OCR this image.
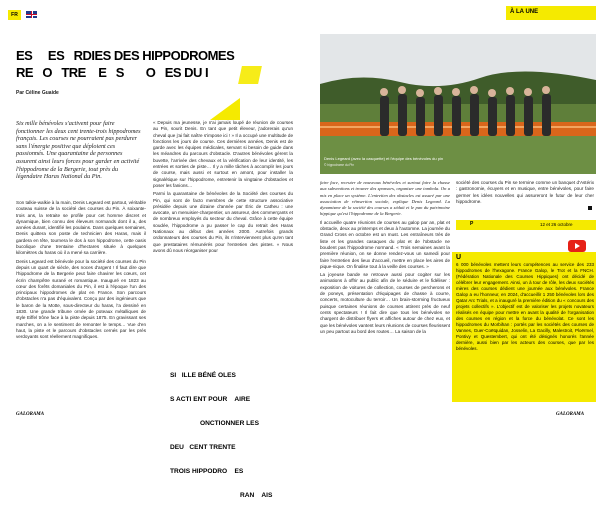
FR	À LA UNE
ES     ES   RDIES DES HIPPODROMES
RE   O   TRE    E   S       O   ES DU I
Par Céline Guaide
Six mille bénévoles s'activent pour faire fonctionner les deux cent trente-trois hippodromes français. Les courses ne pourraient pas perdurer sans l'énergie positive que déploient ces passionnés. Une quarantaine de personnes assurent ainsi leurs forces pour garder en activité l'hippodrome de la Bergerie, tout près du légendaire Haras National du Pin.

Son talkie-walkie à la main, Denis Legeard est partout, véritable couteau suisse de la société des courses du Pin. À soixante-trois ans, la retraite se profile pour cet homme discret et dynamique, bien connu des éleveurs normands dont il a, des années durant, identifié les poulains. Dans quelques semaines, Denis quittera son poste de technicien des Haras, mais il gardera en tête, tournera le dos à son hippodrome, cette oasis bucolique d'une trentaine d'hectares située à quelques kilomètres du haras où il a mené sa carrière.

Denis Legeard est bénévole pour la société des courses du Pin depuis un quart de siècle, des noces d'argent ! Il faut dire que l'hippodrome de la Bergerie peut faire chavirer les cœurs, cet écrin champêtre surané et romantique. Inauguré en 1823 au cœur des forêts domaniales du Pin, il est à l'époque l'un des principaux hippodromes de plat en France. Son parcours d'obstacles n'a pas d'équivalent. Conçu par des ingénieurs que le baron de la Motte, sous-directeur du haras, l'a dessiné en 1830. Une grande tribune ornée de poteaux métalliques de style Eiffel trône face à la piste depuis 1875. En gravissant ses marches, on a le sentiment de remonter le temps… Vue d'en haut, la piste et le parcours d'obstacles cernés par les prés verdoyants sont réellement magnifiques.

« Depuis ma jeunesse, je n'ai jamais loupé de réunion de courses au Pin, sourit Denis. En tant que petit éleveur, j'adorerais qu'un cheval que j'ai fait naître s'impose ici ! » Il a occupé une multitude de fonctions les jours de course. Ces dernières années, Denis est de garde avec les équipes médicales, servant si besoin de guide dans les méandres du parcours d'obstacle. D'autres bénévoles gèrent la buvette, l'arrivée des chevaux et la vérification de leur identité, les entrées et sorties de piste… Il y a mille tâches à accomplir les jours de course, mais aussi et surtout en amont, pour installer la signalétique sur l'hippodrome, entretenir la vingtaine d'obstacles et poser les fanions…

Parmi la quarantaine de bénévoles de la Société des courses du Pin, qui sont de facto membres de cette structure associative présidée depuis une dizaine d'année par Éric de Catheu : une avocate, un menuisier-charpentier, un assureur, des commerçants et de nombreux employés du secteur du cheval. Grâce à cette équipe soudée, l'hippodrome a pu passer le cap du retrait des Haras Nationaux au début des années 2000. Autrefois grands ordonnateurs des courses du Pin, ils n'interviennent plus qu'en tant que prestataires rémunérés pour l'entretien des pistes. « Nous avons dû nous réorganiser pour

SI   ILLE BÉNÉ OLES

S ACTI ENT POUR    AIRE

ONCTIONNER LES

DEU   CENT TRENTE

TROIS HIPPODRO    ES

RAN    AIS

Denis Legeard (avec la casquette) et l'équipe des bénévoles du pin
© hippodrome du Pin

faire face, recruter de nouveaux bénévoles et surtout faire la chasse aux subventions et trouver des sponsors, organiser une tombola. On a mis en place un système. L'entretien des obstacles est assuré par une association de réinsertion sociale, explique Denis Legeard. La dynamisme de la société des courses a séduit et le pan du patrimoine hippique qu'est l'hippodrome de la Bergerie.

Il accueille quatre réunions de courses au galop par an, plat et obstacle, deux au printemps et deux à l'automne. La journée du Grand Cross en octobre est un must. Les entraîneurs très de liste et les grandes casaques du plat et de l'obstacle ne boudent pas l'hippodrome normand. « Trois semaines avant la première réunion, on se donne rendez-vous un samedi pour faire l'entretien des lieux d'accueil, mettre en place les aires de pique-nique. On finalise tout à la veille des courses. »

La joyeuse bande se retrouve aussi pour cogiter sur les animations à offrir au public afin de le séduire et le fidéliser : exposition de voitures de collection, courses de percherons et de poneys, présentation d'équipages de chasse à courre, concerts, motoculture du terroir… Un brain-storming fructueux puisque certaines réunions de courses attirent près de neuf cents spectateurs ! Il fait dire que tous les bénévoles se chargent de distribuer flyers et affiches autour de chez eux, et que les bénévoles vantent leurs réunions de courses fleurissent un peu partout au bord des routes… La saison de la

société des courses du Pin se termine comme un banquet d'Astérix : gastronomie, écuyers et en musique, entre bénévoles, pour faire germer les idées nouvelles qui assureront le futur de leur cher hippodrome.
P	12 et 26 octobre
U
6 000 bénévoles mettent leurs compétences au service des 233 hippodromes de l'hexagone. France Galop, le Trot et la FNCH. (Fédération Nationale des Courses Hippiques) ont décidé de célébrer leur engagement. Ainsi, un à tour de rôle, les deux sociétés mères des courses dédient une journée aux bénévoles. France Galop a eu l'honneur, en 2024, d'accueillir 1 250 bénévoles lors des Qatar Arc Trials, et a inauguré la première édition du « concours des projets collectifs ». L'objectif est de valoriser les projets novateurs réalisés en équipe pour mettre en avant la qualité de l'organisation des courses en région et la force du bénévolat. Ce sont les hippodromes du Morbihan : portés par les sociétés des courses de Vannes, Guer-Coëtquidan, Josselin, La Gacilly, Malestroit, Ploërmel, Pontivy et Questembert, qui ont été désignés honorés l'année dernière, aussi bien par les acteurs des courses, que par les bénévoles.
GALORAMA	GALORAMA
